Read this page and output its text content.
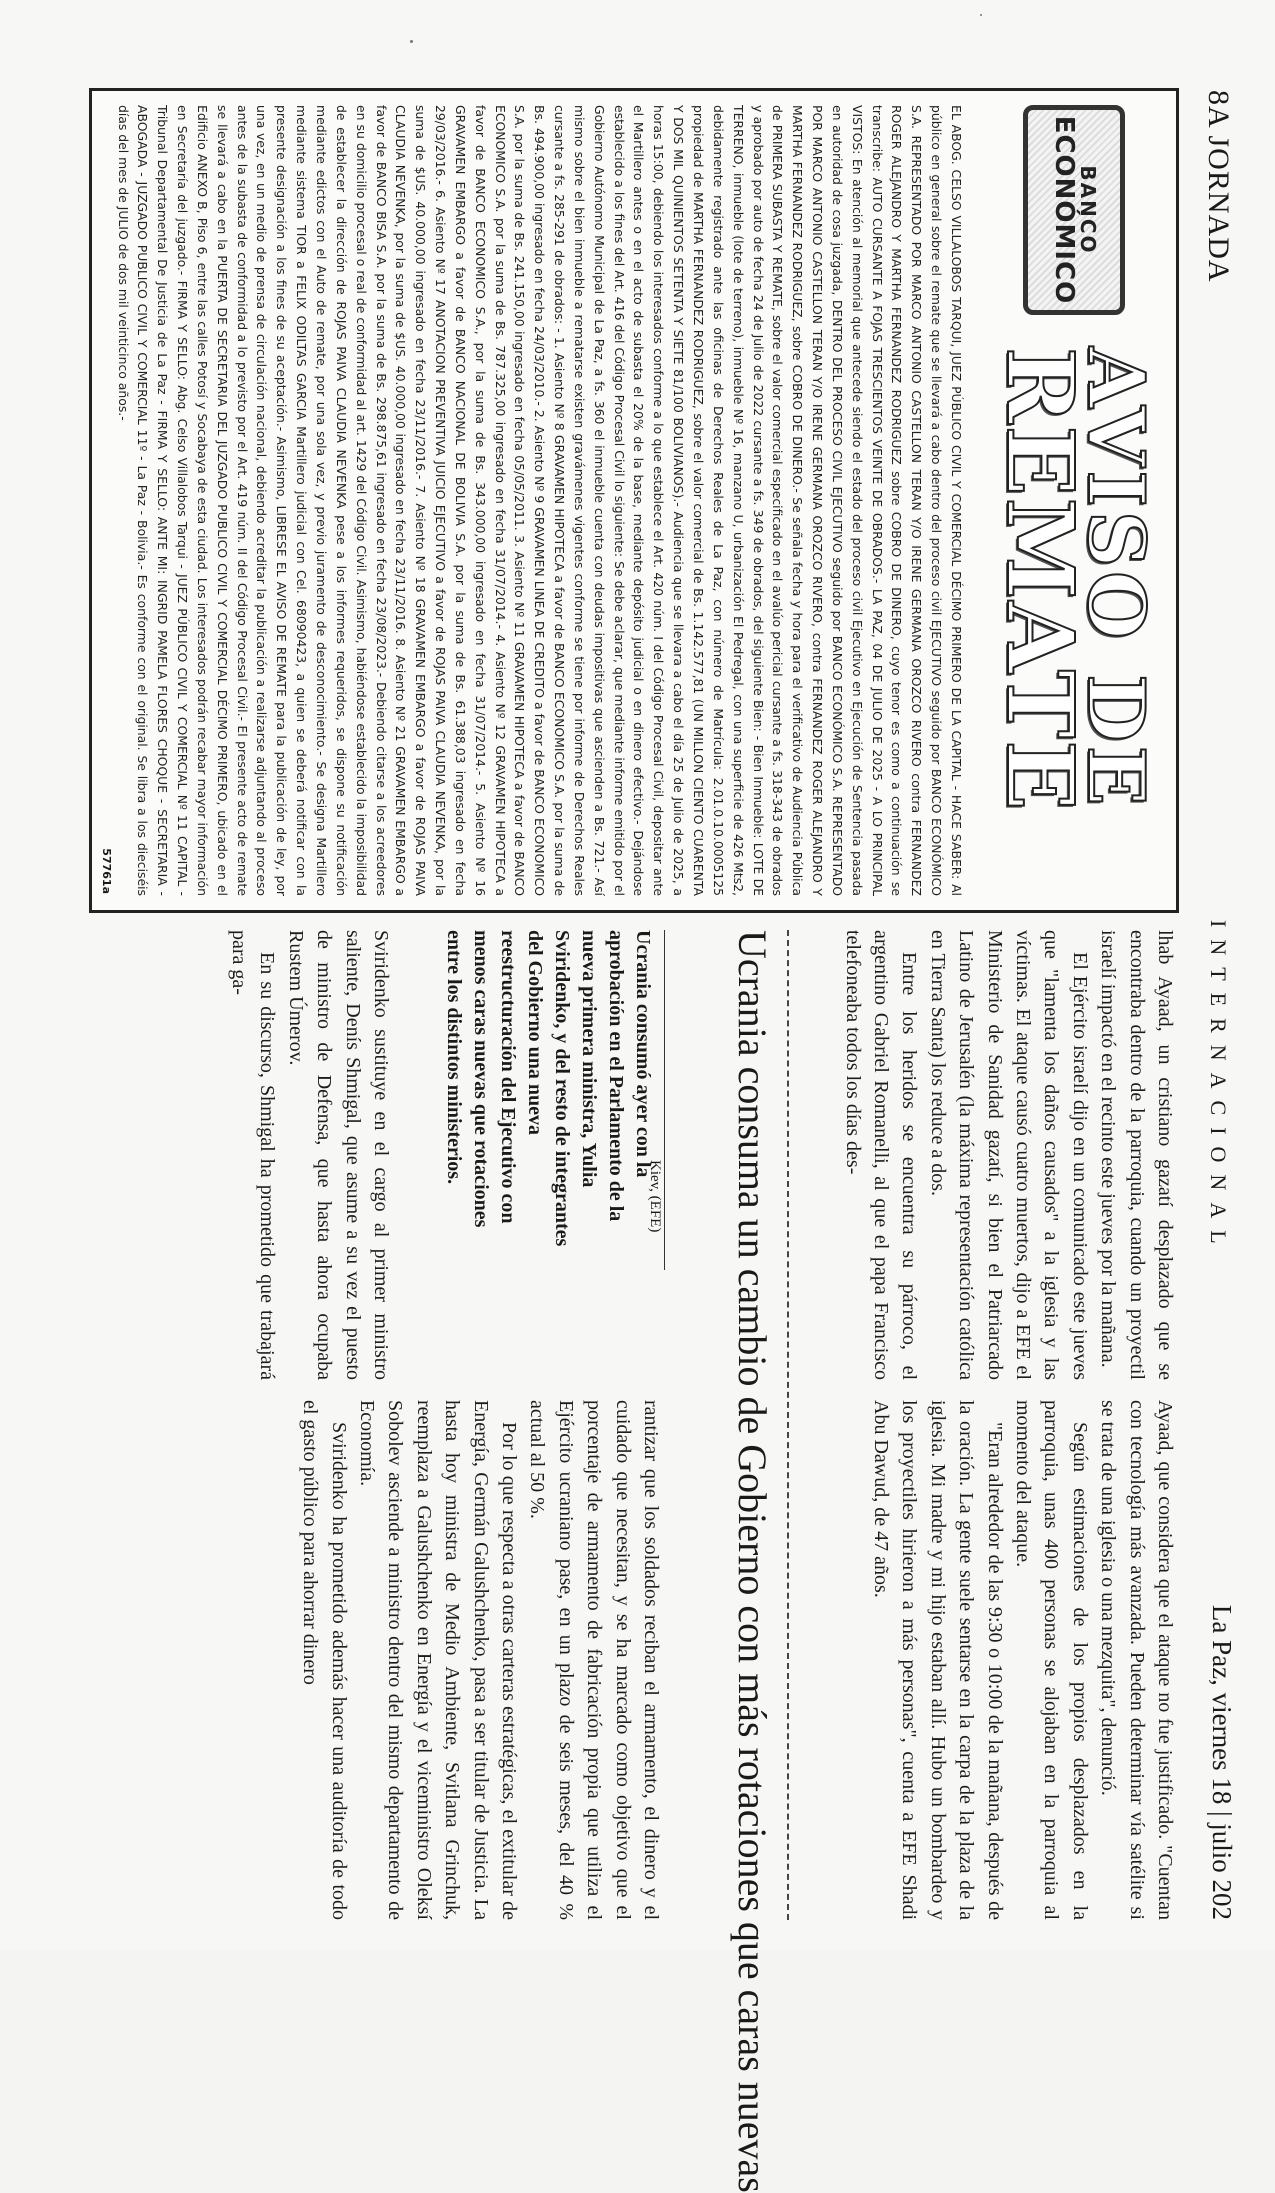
8A JORNADA
INTERNACIONAL
La Paz, viernes 18 | julio 202
BANCO
ECONÓMICO
AVISO DE
REMATE
EL ABOG. CELSO VILLALOBOS TARQUI, JUEZ PÚBLICO CIVIL Y COMERCIAL DÉCIMO PRIMERO DE LA CAPITAL - HACE SABER: Al público en general sobre el remate que se llevará a cabo dentro del proceso civil EJECUTIVO seguido por BANCO ECONÓMICO S.A. REPRESENTADO POR MARCO ANTONIO CASTELLON TERAN Y/O IRENE GERMANA OROZCO RIVERO contra FERNANDEZ ROGER ALEJANDRO Y MARTHA FERNANDEZ RODRIGUEZ sobre COBRO DE DINERO, cuyo tenor es como a continuación se transcribe: AUTO CURSANTE A FOJAS TRESCIENTOS VEINTE DE OBRADOS.- LA PAZ, 04 DE JULIO DE 2025 - A LO PRINCIPAL VISTOS: En atención al memorial que antecede siendo el estado del proceso civil Ejecutivo en Ejecución de Sentencia pasada en autoridad de cosa juzgada, DENTRO DEL PROCESO CIVIL EJECUTIVO seguido por BANCO ECONÓMICO S.A. REPRESENTADO POR MARCO ANTONIO CASTELLON TERAN Y/O IRENE GERMANA OROZCO RIVERO, contra FERNANDEZ ROGER ALEJANDRO Y MARTHA FERNANDEZ RODRIGUEZ, sobre COBRO DE DINERO.- Se señala fecha y hora para el verificativo de Audiencia Pública de PRIMERA SUBASTA Y REMATE, sobre el valor comercial especificado en el avalúo pericial cursante a fs. 318-343 de obrados y aprobado por auto de fecha 24 de Julio de 2022 cursante a fs. 349 de obrados, del siguiente Bien: - Bien Inmueble: LOTE DE TERRENO, inmueble (lote de terreno), inmueble Nº 16, manzano U, urbanización El Pedregal, con una superficie de 426 Mts2, debidamente registrado ante las oficinas de Derechos Reales de La Paz, con número de Matrícula: 2.01.0.10.0005125 propiedad de MARTHA FERNANDEZ RODRIGUEZ, sobre el valor comercial de Bs. 1.142.577,81 (UN MILLON CIENTO CUARENTA Y DOS MIL QUINIENTOS SETENTA Y SIETE 81/100 BOLIVIANOS).- Audiencia que se llevara a cabo el día 25 de Julio de 2025, a horas 15:00, debiendo los interesados conforme a lo que establece el Art. 420 núm. I del Código Procesal Civil, depositar ante el Martillero antes o en el acto de subasta el 20% de la base, mediante depósito judicial o en dinero efectivo.- Dejándose establecido a los fines del Art. 416 del Código Procesal Civil lo siguiente: Se debe aclarar, que mediante informe emitido por el Gobierno Autónomo Municipal de La Paz, a fs. 360 el inmueble cuenta con deudas impositivas que ascienden a Bs. 721.- Así mismo sobre el bien inmueble a rematarse existen gravámenes vigentes conforme se tiene por informe de Derechos Reales cursante a fs. 285-291 de obrados: - 1. Asiento Nº 8 GRAVAMEN HIPOTECA a favor de BANCO ECONOMICO S.A. por la suma de Bs. 494.900,00 ingresado en fecha 24/03/2010.- 2. Asiento Nº 9 GRAVAMEN LINEA DE CREDITO a favor de BANCO ECONOMICO S.A. por la suma de Bs. 241.150,00 ingresado en fecha 05/05/2011. 3. Asiento Nº 11 GRAVAMEN HIPOTECA a favor de BANCO ECONOMICO S.A. por la suma de Bs. 787.325,00 ingresado en fecha 31/07/2014.- 4. Asiento Nº 12 GRAVAMEN HIPOTECA a favor de BANCO ECONOMICO S.A., por la suma de Bs. 343.000,00 ingresado en fecha 31/07/2014.- 5. Asiento Nº 16 GRAVAMEN EMBARGO a favor de BANCO NACIONAL DE BOLIVIA S.A. por la suma de Bs. 61.388,03 ingresado en fecha 29/03/2016.- 6. Asiento Nº 17 ANOTACION PREVENTIVA JUICIO EJECUTIVO a favor de ROJAS PAIVA CLAUDIA NEVENKA, por la suma de $US. 40.000,00 ingresado en fecha 23/11/2016.- 7. Asiento Nº 18 GRAVAMEN EMBARGO a favor de ROJAS PAIVA CLAUDIA NEVENKA, por la suma de $US. 40.000,00 ingresado en fecha 23/11/2016. 8. Asiento Nº 21 GRAVAMEN EMBARGO a favor de BANCO BISA S.A. por la suma de Bs. 298.875,61 ingresado en fecha 23/08/2023.- Debiendo citarse a los acreedores en su domicilio procesal o real de conformidad al art. 1429 del Código Civil. Asimismo, habiéndose establecido la imposibilidad de establecer la dirección de ROJAS PAIVA CLAUDIA NEVENKA pese a los informes requeridos, se dispone su notificación mediante edictos con el Auto de remate, por una sola vez, y previo juramento de desconocimiento.- Se designa Martillero mediante sistema TIOR a FELIX ODILTAS GARCIA Martillero judicial con Cel. 68090423, a quien se deberá notificar con la presente designación a los fines de su aceptación.- Asimismo, LIBRESE EL AVISO DE REMATE para la publicación de ley, por una vez, en un medio de prensa de circulación nacional, debiendo acreditar la publicación a realizarse adjuntando al proceso antes de la subasta de conformidad a lo previsto por el Art. 419 núm. II del Código Procesal Civil.- El presente acto de remate se llevará a cabo en la PUERTA DE SECRETARIA DEL JUZGADO PUBLICO CIVIL Y COMERCIAL DÉCIMO PRIMERO, ubicado en el Edificio ANEXO B, Piso 6, entre las calles Potosí y Socabaya de esta ciudad. Los interesados podrán recabar mayor información en Secretaría del juzgado.- FIRMA Y SELLO: Abg. Celso Villalobos Tarqui - JUEZ PÚBLICO CIVIL Y COMERCIAL Nº 11 CAPITAL - Tribunal Departamental De Justicia de La Paz - FIRMA Y SELLO: ANTE MI: INGRID PAMELA FLORES CHOQUE - SECRETARIA - ABOGADA - JUZGADO PUBLICO CIVIL Y COMERCIAL 11º - La Paz - Bolivia.- Es conforme con el original. Se libra a los dieciséis días del mes de JULIO de dos mil veinticinco años.-
57761a

lhab Ayaad, un cristiano gazatí desplazado que se encontraba dentro de la parroquia, cuando un proyectil israelí impactó en el recinto este jueves por la mañana.

El Ejército israelí dijo en un comunicado este jueves que "lamenta los daños causados" a la iglesia y las víctimas. El ataque causó cuatro muertos, dijo a EFE el Ministerio de Sanidad gazatí, si bien el Patriarcado Latino de Jerusalén (la máxima representación católica en Tierra Santa) los reduce a dos.

Entre los heridos se encuentra su párroco, el argentino Gabriel Romanelli, al que el papa Francisco telefoneaba todos los días des-

Ayaad, que considera que el ataque no fue justificado. "Cuentan con tecnología más avanzada. Pueden determinar vía satélite si se trata de una iglesia o una mezquita", denunció.

Según estimaciones de los propios desplazados en la parroquia, unas 400 personas se alojaban en la parroquia al momento del ataque.

"Eran alrededor de las 9:30 o 10:00 de la mañana, después de la oración. La gente suele sentarse en la carpa de la plaza de la iglesia. Mi madre y mi hijo estaban allí. Hubo un bombardeo y los proyectiles hirieron a más personas", cuenta a EFE Shadi Abu Dawud, de 47 años.

Ucrania consuma un cambio de Gobierno con más rotaciones que caras nuevas
Kiev, (EFE)
Ucrania consumó ayer con la aprobación en el Parlamento de la nueva primera ministra, Yulia Sviridenko, y del resto de integrantes del Gobierno una nueva reestructuración del Ejecutivo con menos caras nuevas que rotaciones entre los distintos ministerios.

Sviridenko sustituye en el cargo al primer ministro saliente, Denís Shmigal, que asume a su vez el puesto de ministro de Defensa, que hasta ahora ocupaba Rustem Úmerov.

En su discurso, Shmigal ha prometido que trabajará para ga-

rantizar que los soldados reciban el armamento, el dinero y el cuidado que necesitan, y se ha marcado como objetivo que el porcentaje de armamento de fabricación propia que utiliza el Ejército ucraniano pase, en un plazo de seis meses, del 40 % actual al 50 %.

Por lo que respecta a otras carteras estratégicas, el extitular de Energía, Germán Galushchenko, pasa a ser titular de Justicia. La hasta hoy ministra de Medio Ambiente, Svitlana Grinchuk, reemplaza a Galushchenko en Energía y el viceministro Oleksí Sobolev asciende a ministro dentro del mismo departamento de Economía.

Sviridenko ha prometido además hacer una auditoría de todo el gasto público para ahorrar dinero
